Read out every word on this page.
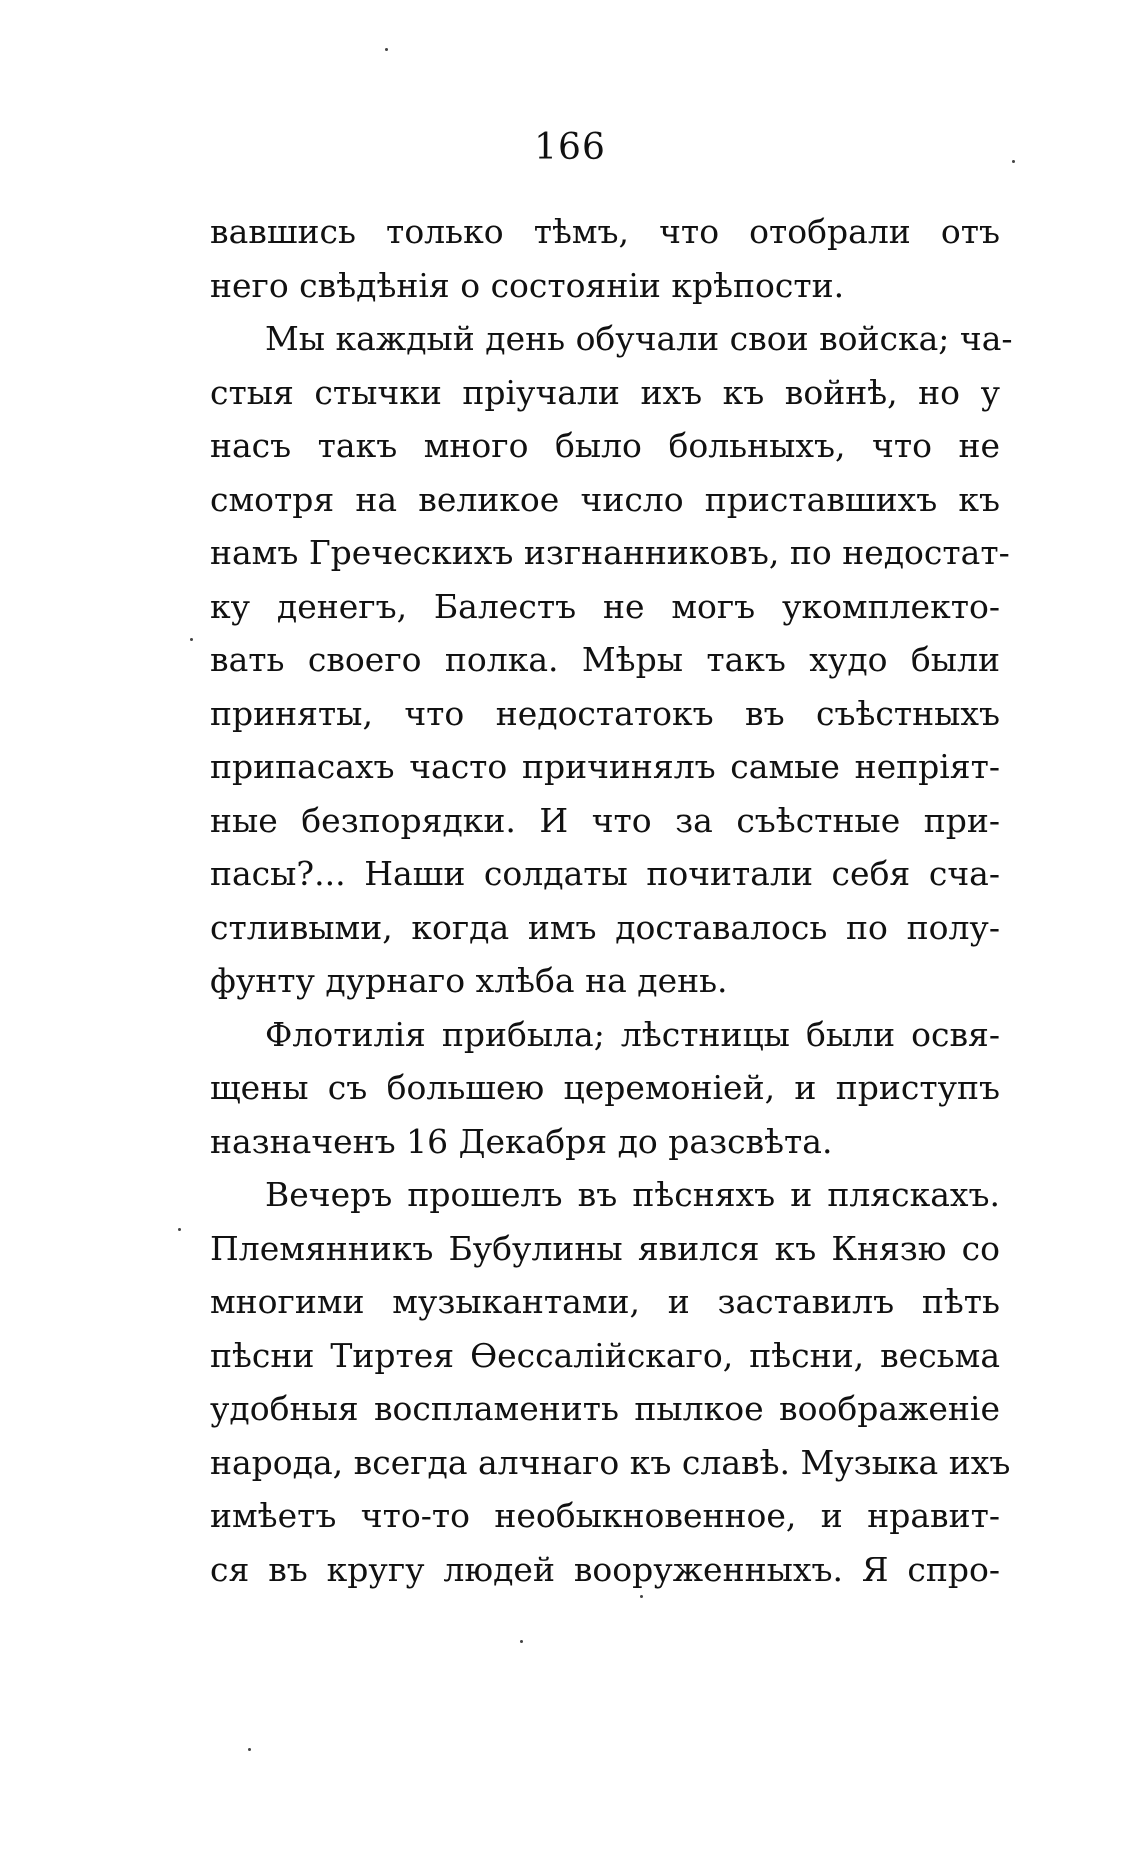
166
вавшись только тѣмъ, что отобрали отъ
него свѣдѣнія о состояніи крѣпости.
Мы каждый день обучали свои войска; ча-
стыя стычки пріучали ихъ къ войнѣ, но у
насъ такъ много было больныхъ, что не
смотря на великое число приставшихъ къ
намъ Греческихъ изгнанниковъ, по недостат-
ку денегъ, Балестъ не могъ укомплекто-
вать своего полка. Мѣры такъ худо были
приняты, что недостатокъ въ съѣстныхъ
припасахъ часто причинялъ самые непріят-
ные безпорядки. И что за съѣстные при-
пасы?... Наши солдаты почитали себя сча-
стливыми, когда имъ доставалось по полу-
фунту дурнаго хлѣба на день.
Флотилія прибыла; лѣстницы были освя-
щены съ большею церемоніей, и приступъ
назначенъ 16 Декабря до разсвѣта.
Вечеръ прошелъ въ пѣсняхъ и пляскахъ.
Племянникъ Бубулины явился къ Князю со
многими музыкантами, и заставилъ пѣть
пѣсни Тиртея Ѳессалійскаго, пѣсни, весьма
удобныя воспламенить пылкое воображеніе
народа, всегда алчнаго къ славѣ. Музыка ихъ
имѣетъ что-то необыкновенное, и нравит-
ся въ кругу людей вооруженныхъ. Я спро-
